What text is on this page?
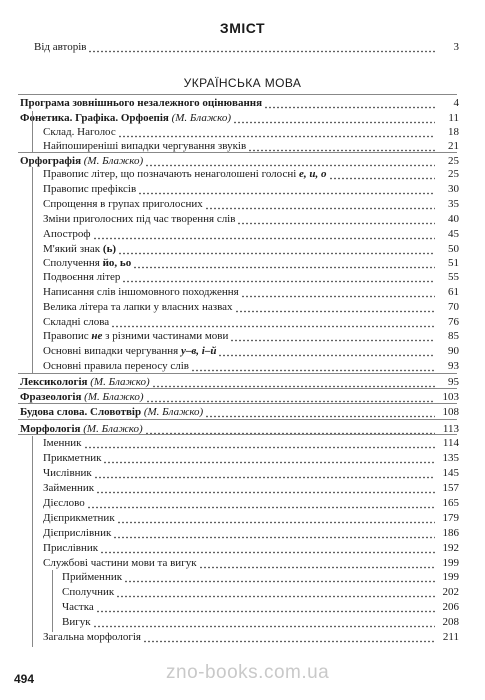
ЗМІСТ
Від авторів	3
УКРАЇНСЬКА МОВА
Програма зовнішнього незалежного оцінювання	4
Фонетика. Графіка. Орфоепія (М. Блажко)	11
Склад. Наголос	18
Найпоширеніші випадки чергування звуків	21
Орфографія (М. Блажко)	25
Правопис літер, що позначають ненаголошені голосні е, и, о	25
Правопис префіксів	30
Спрощення в групах приголосних	35
Зміни приголосних під час творення слів	40
Апостроф	45
М'який знак (ь)	50
Сполучення йо, ьо	51
Подвоєння літер	55
Написання слів іншомовного походження	61
Велика літера та лапки у власних назвах	70
Складні слова	76
Правопис не з різними частинами мови	85
Основні випадки чергування у–в, і–й	90
Основні правила переносу слів	93
Лексикологія (М. Блажко)	95
Фразеологія (М. Блажко)	103
Будова слова. Словотвір (М. Блажко)	108
Морфологія (М. Блажко)	113
Іменник	114
Прикметник	135
Числівник	145
Займенник	157
Дієслово	165
Дієприкметник	179
Дієприслівник	186
Прислівник	192
Службові частини мови та вигук	199
Прийменник	199
Сполучник	202
Частка	206
Вигук	208
Загальна морфологія	211
494	zno-books.com.ua
